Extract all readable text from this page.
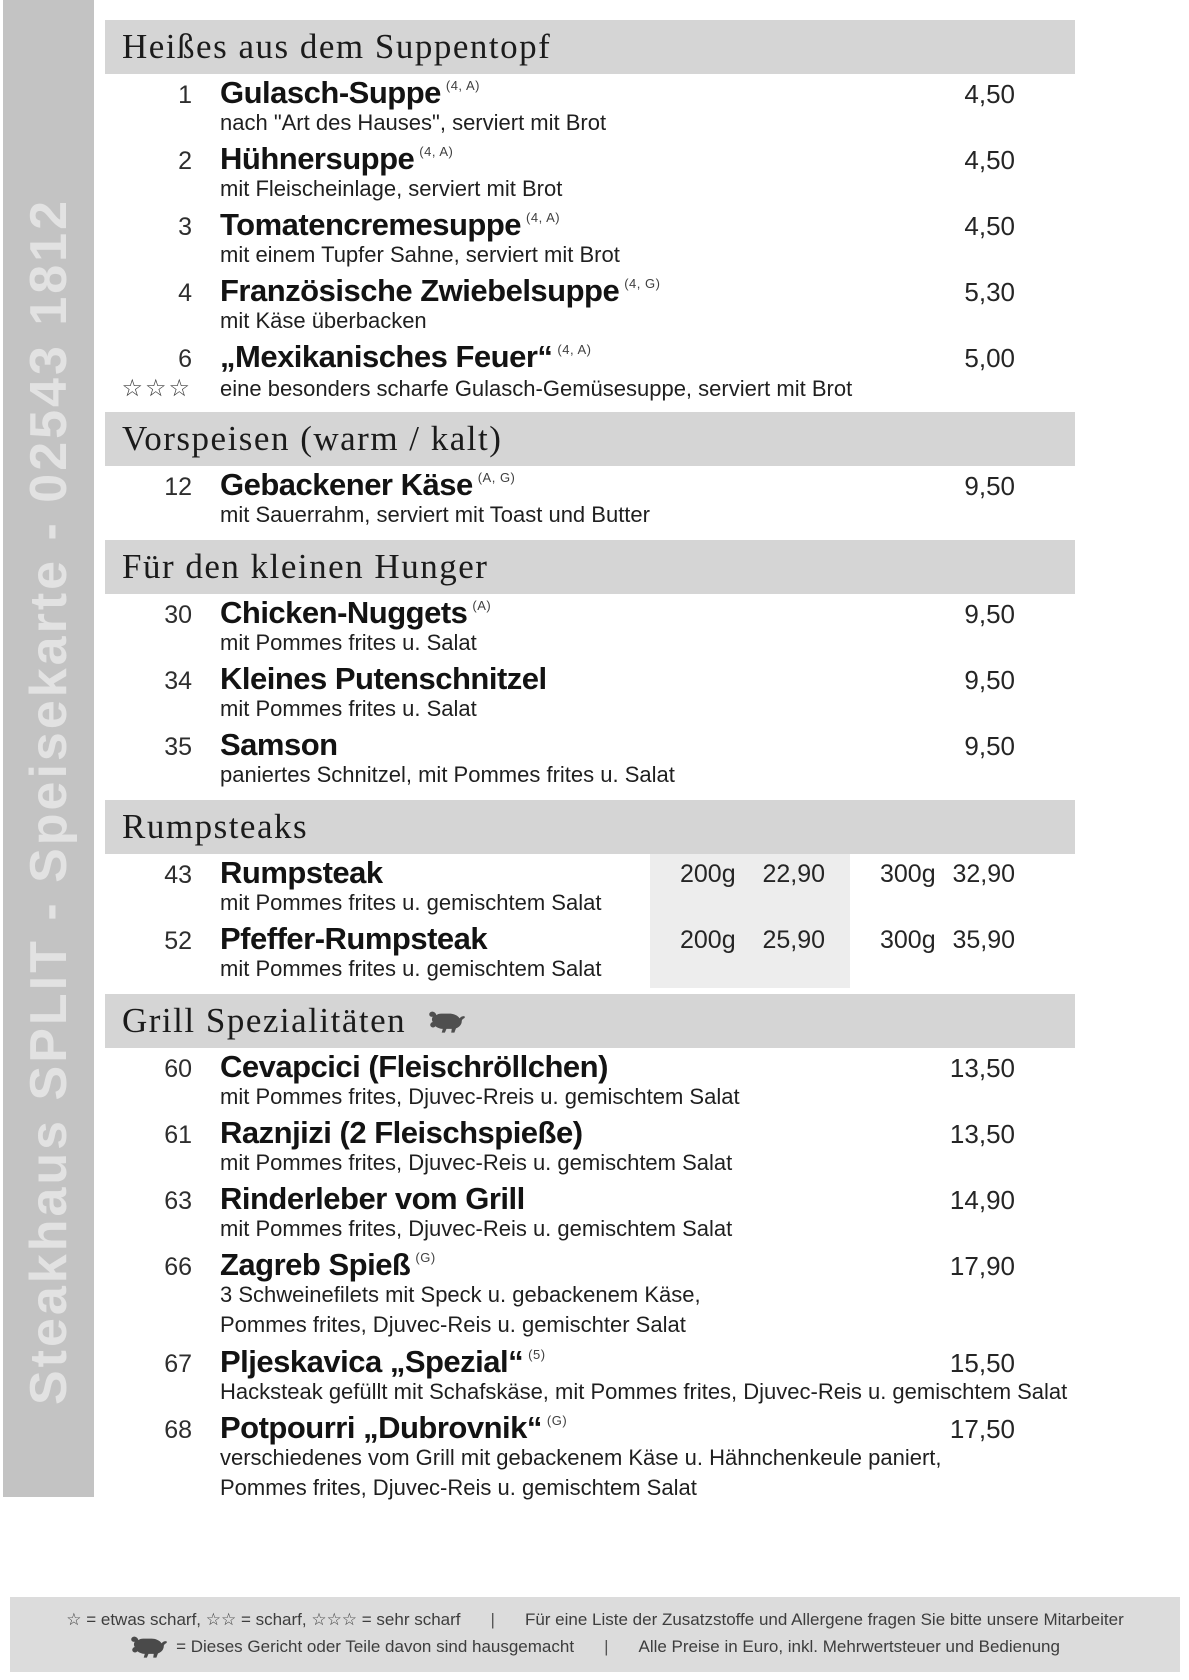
Steakhaus SPLIT - Speisekarte - 02543 1812
Heißes aus dem Suppentopf
1 Gulasch-Suppe $^{(4, A)}$	4,50
nach "Art des Hauses", serviert mit Brot
2 Hühnersuppe $^{(4, A)}$	4,50
mit Fleischeinlage, serviert mit Brot
3 Tomatencremesuppe $^{(4, A)}$	4,50
mit einem Tupfer Sahne, serviert mit Brot
4 Französische Zwiebelsuppe $^{(4, G)}$	5,30
mit Käse überbacken
6 „Mexikanisches Feuer“ $^{(4, A)}$	5,00
☆☆☆ eine besonders scharfe Gulasch-Gemüsesuppe, serviert mit Brot
Vorspeisen (warm / kalt)
12 Gebackener Käse $^{(A, G)}$	9,50
mit Sauerrahm, serviert mit Toast und Butter
Für den kleinen Hunger
30 Chicken-Nuggets $^{(A)}$	9,50
mit Pommes frites u. Salat
34 Kleines Putenschnitzel	9,50
mit Pommes frites u. Salat
35 Samson	9,50
paniertes Schnitzel, mit Pommes frites u. Salat
Rumpsteaks
43 Rumpsteak	200g	22,90 300g 32,90
mit Pommes frites u. gemischtem Salat
52 Pfeffer-Rumpsteak	200g	25,90 300g 35,90
mit Pommes frites u. gemischtem Salat
Grill Spezialitäten
60 Cevapcici (Fleischröllchen)	13,50
mit Pommes frites, Djuvec-Rreis u. gemischtem Salat
61 Raznjizi (2 Fleischspieße)	13,50
mit Pommes frites, Djuvec-Reis u. gemischtem Salat
63 Rinderleber vom Grill	14,90
mit Pommes frites, Djuvec-Reis u. gemischtem Salat
66 Zagreb Spieß $^{(G)}$	17,90
3 Schweinefilets mit Speck u. gebackenem Käse,
Pommes frites, Djuvec-Reis u. gemischter Salat
67 Pljeskavica „Spezial“ $^{(5)}$	15,50
Hacksteak gefüllt mit Schafskäse, mit Pommes frites, Djuvec-Reis u. gemischtem Salat
68 Potpourri „Dubrovnik“ $^{(G)}$	17,50
verschiedenes vom Grill mit gebackenem Käse u. Hähnchenkeule paniert,
Pommes frites, Djuvec-Reis u. gemischtem Salat
☆ = etwas scharf, ☆☆ = scharf, ☆☆☆ = sehr scharf | Für eine Liste der Zusatzstoffe und Allergene fragen Sie bitte unsere Mitarbeiter
= Dieses Gericht oder Teile davon sind hausgemacht | Alle Preise in Euro, inkl. Mehrwertsteuer und Bedienung
